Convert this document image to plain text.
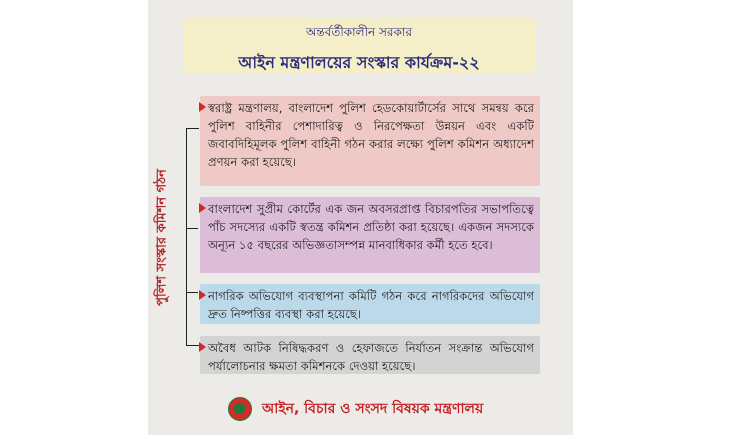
অন্তর্বর্তীকালীন সরকার
আইন মন্ত্রণালয়ের সংস্কার কার্যক্রম-২২
পুলিশ সংস্কার কমিশন গঠন
স্বরাষ্ট্র মন্ত্রণালয়, বাংলাদেশ পুলিশ হেডকোয়ার্টার্সের সাথে সমন্বয় করে পুলিশ বাহিনীর পেশাদারিত্ব ও নিরপেক্ষতা উন্নয়ন এবং একটি জবাবদিহিমূলক পুলিশ বাহিনী গঠন করার লক্ষ্যে পুলিশ কমিশন অধ্যাদেশ প্রণয়ন করা হয়েছে।
বাংলাদেশ সুপ্রীম কোর্টের এক জন অবসরপ্রাপ্ত বিচারপতির সভাপতিত্বে পাঁচ সদস্যের একটি স্বতন্ত্র কমিশন প্রতিষ্ঠা করা হয়েছে। একজন সদস্যকে অন্যূন ১৫ বছরের অভিজ্ঞতাসম্পন্ন মানবাধিকার কর্মী হতে হবে।
নাগরিক অভিযোগ ব্যবস্থাপনা কমিটি গঠন করে নাগরিকদের অভিযোগ দ্রুত নিষ্পত্তির ব্যবস্থা করা হয়েছে।
অবৈধ আটক নিষিদ্ধকরণ ও হেফাজতে নির্যাতন সংক্রান্ত অভিযোগ পর্যালোচনার ক্ষমতা কমিশনকে দেওয়া হয়েছে।
আইন, বিচার ও সংসদ বিষয়ক মন্ত্রণালয়
